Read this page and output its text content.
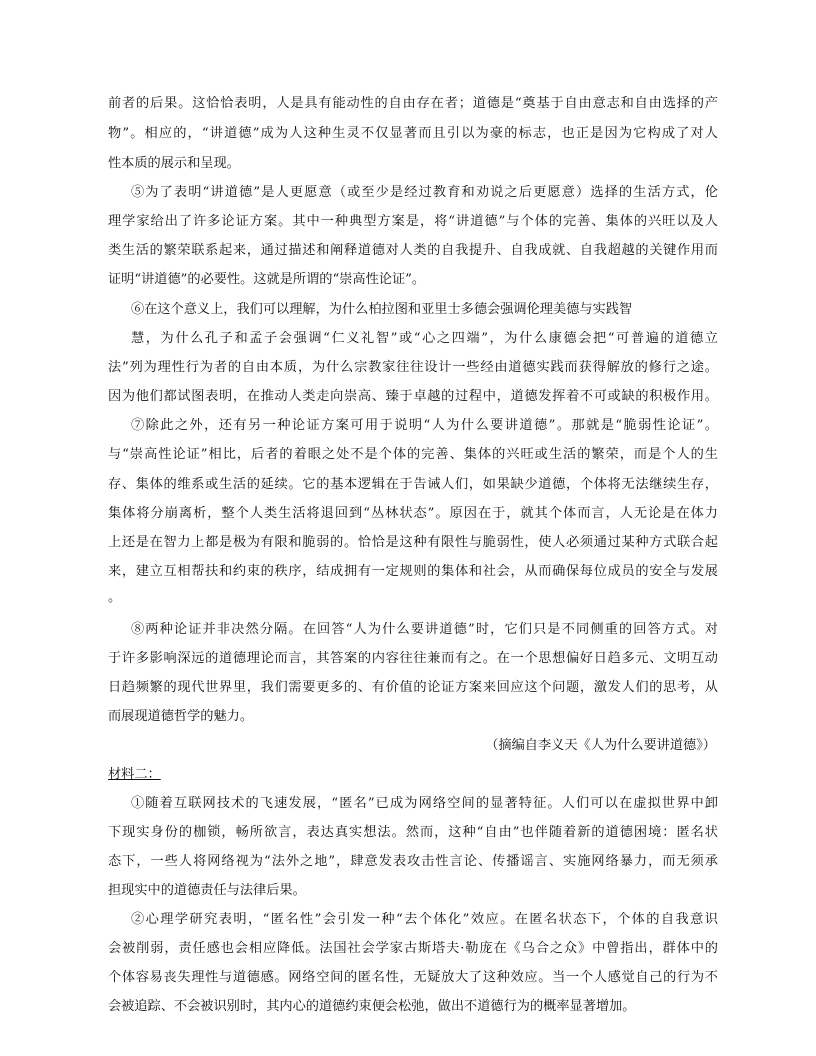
前者的后果。这恰恰表明，人是具有能动性的自由存在者；道德是“奠基于自由意志和自由选择的产
物”。相应的，“讲道德”成为人这种生灵不仅显著而且引以为豪的标志，也正是因为它构成了对人
性本质的展示和呈现。
⑤为了表明“讲道德”是人更愿意（或至少是经过教育和劝说之后更愿意）选择的生活方式，伦
理学家给出了许多论证方案。其中一种典型方案是，将“讲道德”与个体的完善、集体的兴旺以及人
类生活的繁荣联系起来，通过描述和阐释道德对人类的自我提升、自我成就、自我超越的关键作用而
证明“讲道德”的必要性。这就是所谓的“崇高性论证”。
⑥在这个意义上，我们可以理解，为什么柏拉图和亚里士多德会强调伦理美德与实践智
慧，为什么孔子和孟子会强调“仁义礼智”或“心之四端”，为什么康德会把“可普遍的道德立
法”列为理性行为者的自由本质，为什么宗教家往往设计一些经由道德实践而获得解放的修行之途。
因为他们都试图表明，在推动人类走向崇高、臻于卓越的过程中，道德发挥着不可或缺的积极作用。
⑦除此之外，还有另一种论证方案可用于说明“人为什么要讲道德”。那就是“脆弱性论证”。
与“崇高性论证”相比，后者的着眼之处不是个体的完善、集体的兴旺或生活的繁荣，而是个人的生
存、集体的维系或生活的延续。它的基本逻辑在于告诫人们，如果缺少道德，个体将无法继续生存，
集体将分崩离析，整个人类生活将退回到“丛林状态”。原因在于，就其个体而言，人无论是在体力
上还是在智力上都是极为有限和脆弱的。恰恰是这种有限性与脆弱性，使人必须通过某种方式联合起
来，建立互相帮扶和约束的秩序，结成拥有一定规则的集体和社会，从而确保每位成员的安全与发展
。
⑧两种论证并非决然分隔。在回答“人为什么要讲道德”时，它们只是不同侧重的回答方式。对
于许多影响深远的道德理论而言，其答案的内容往往兼而有之。在一个思想偏好日趋多元、文明互动
日趋频繁的现代世界里，我们需要更多的、有价值的论证方案来回应这个问题，激发人们的思考，从
而展现道德哲学的魅力。
（摘编自李义天《人为什么要讲道德》）
材料二：
①随着互联网技术的飞速发展，“匿名”已成为网络空间的显著特征。人们可以在虚拟世界中卸
下现实身份的枷锁，畅所欲言，表达真实想法。然而，这种“自由”也伴随着新的道德困境：匿名状
态下，一些人将网络视为“法外之地”，肆意发表攻击性言论、传播谣言、实施网络暴力，而无须承
担现实中的道德责任与法律后果。
②心理学研究表明，“匿名性”会引发一种“去个体化”效应。在匿名状态下，个体的自我意识
会被削弱，责任感也会相应降低。法国社会学家古斯塔夫·勒庞在《乌合之众》中曾指出，群体中的
个体容易丧失理性与道德感。网络空间的匿名性，无疑放大了这种效应。当一个人感觉自己的行为不
会被追踪、不会被识别时，其内心的道德约束便会松弛，做出不道德行为的概率显著增加。
